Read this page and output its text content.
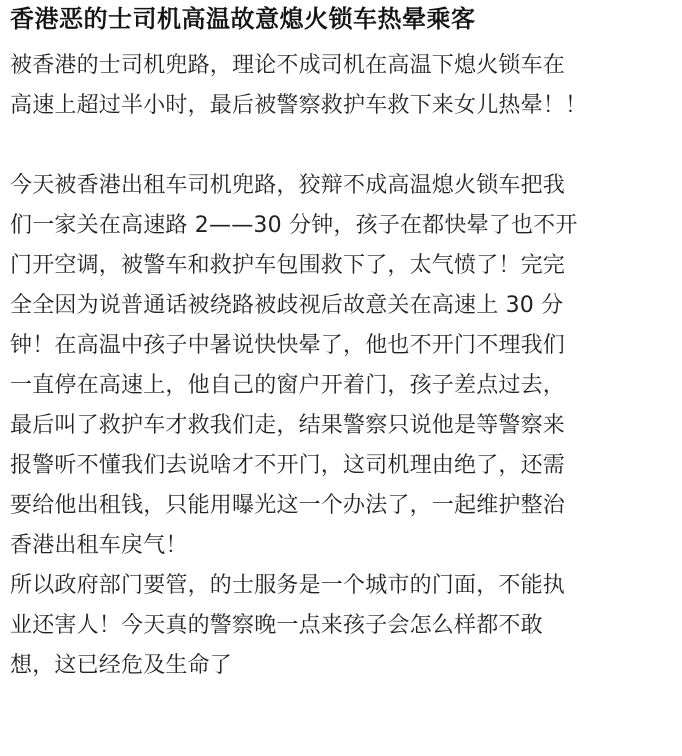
香港恶的士司机高温故意熄火锁车热晕乘客

被香港的士司机兜路，理论不成司机在高温下熄火锁车在
高速上超过半小时，最后被警察救护车救下来女儿热晕！！

今天被香港出租车司机兜路，狡辩不成高温熄火锁车把我
们一家关在高速路 2——30 分钟，孩子在都快晕了也不开
门开空调，被警车和救护车包围救下了，太气愤了！完完
全全因为说普通话被绕路被歧视后故意关在高速上 30 分
钟！在高温中孩子中暑说快快晕了，他也不开门不理我们
一直停在高速上，他自己的窗户开着门，孩子差点过去，
最后叫了救护车才救我们走，结果警察只说他是等警察来
报警听不懂我们去说啥才不开门，这司机理由绝了，还需
要给他出租钱，只能用曝光这一个办法了，一起维护整治
香港出租车戾气！

所以政府部门要管，的士服务是一个城市的门面，不能执
业还害人！今天真的警察晚一点来孩子会怎么样都不敢
想，这已经危及生命了
